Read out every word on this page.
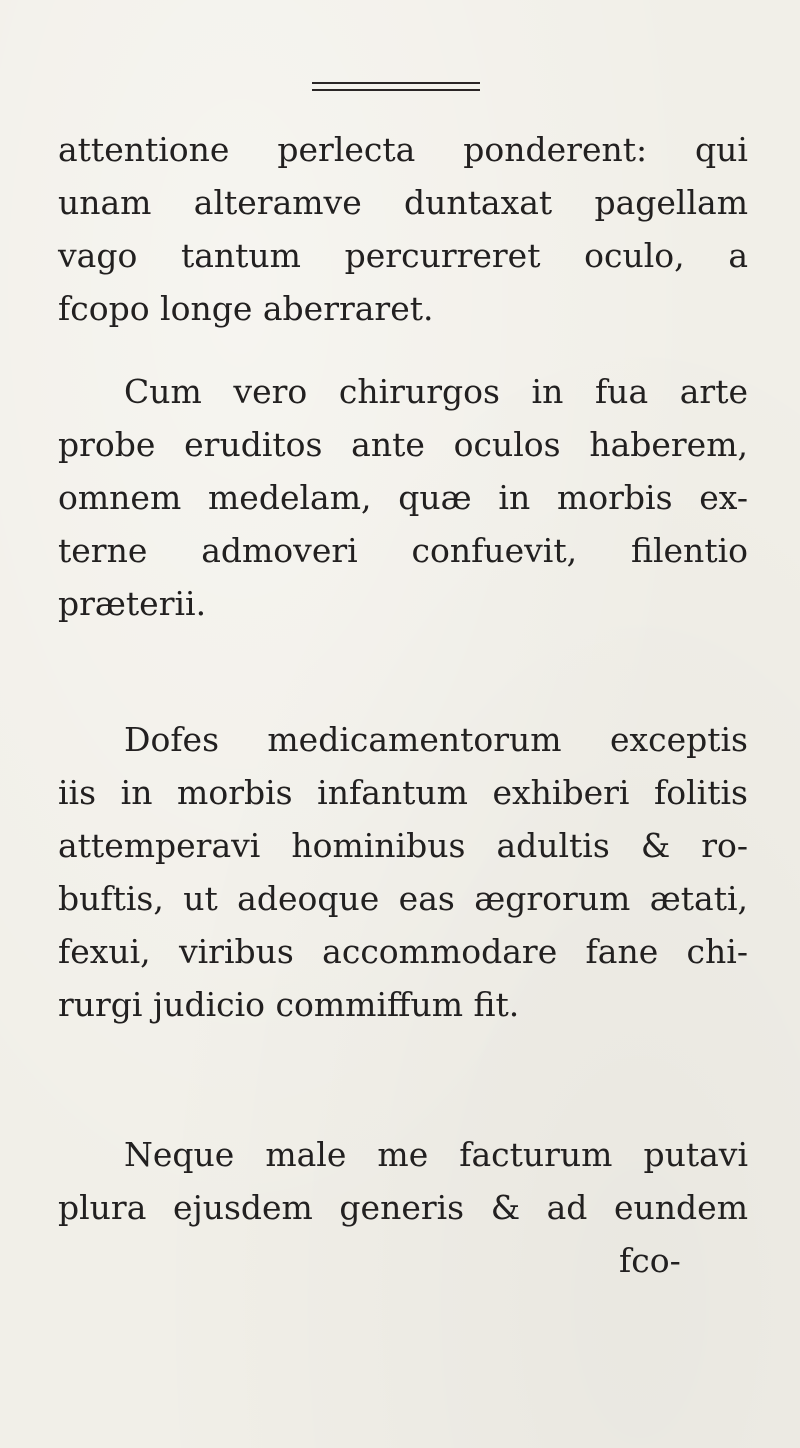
attentione perlecta ponderent: qui
unam alteramve duntaxat pagellam
vago tantum percurreret oculo, a
fcopo longe aberraret.
Cum vero chirurgos in fua arte
probe eruditos ante oculos haberem,
omnem medelam, quæ in morbis ex-
terne admoveri confuevit, filentio
præterii.
Dofes medicamentorum exceptis
iis in morbis infantum exhiberi folitis
attemperavi hominibus adultis & ro-
buftis, ut adeoque eas ægrorum ætati,
fexui, viribus accommodare fane chi-
rurgi judicio commiffum fit.
Neque male me facturum putavi
plura ejusdem generis & ad eundem
fco-
